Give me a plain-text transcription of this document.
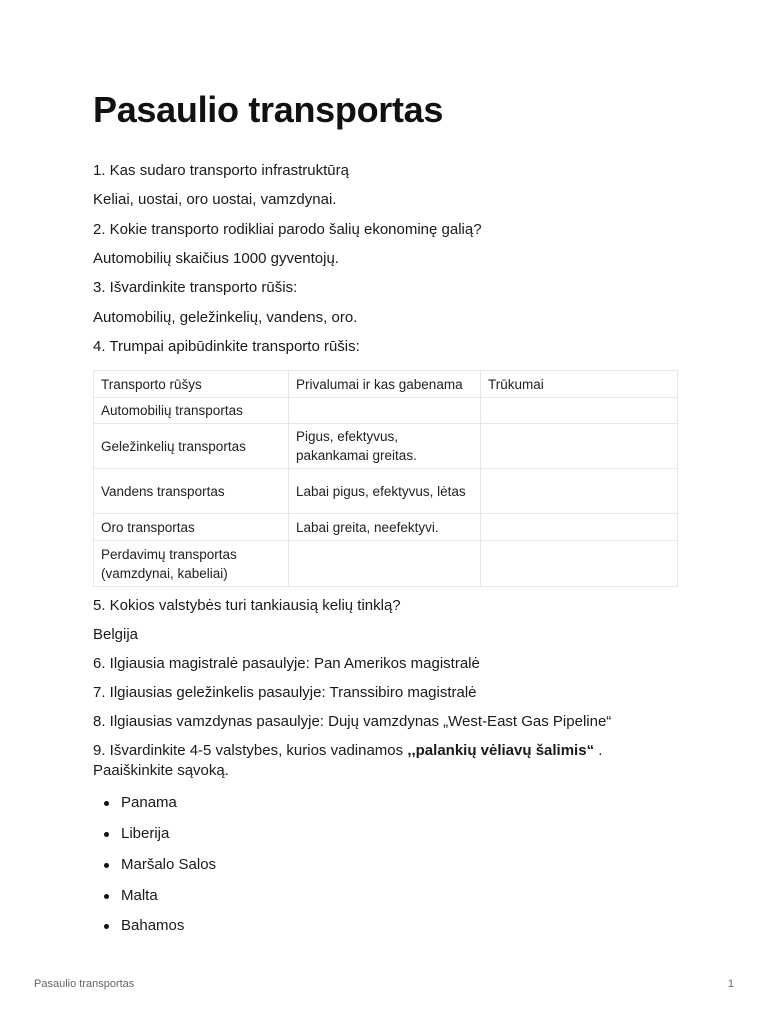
Pasaulio transportas

1. Kas sudaro transporto infrastruktūrą

Keliai, uostai, oro uostai, vamzdynai.

2. Kokie transporto rodikliai parodo šalių ekonominę galią?

Automobilių skaičius 1000 gyventojų.

3. Išvardinkite transporto rūšis:

Automobilių, geležinkelių, vandens, oro.

4. Trumpai apibūdinkite transporto rūšis:

Transporto rūšys	Privalumai ir kas gabenama	Trūkumai
Automobilių transportas		
Geležinkelių transportas	Pigus, efektyvus, pakankamai greitas.	
Vandens transportas	Labai pigus, efektyvus, lėtas	
Oro transportas	Labai greita, neefektyvi.	
Perdavimų transportas (vamzdynai, kabeliai)		

5. Kokios valstybės turi tankiausią kelių tinklą?

Belgija

6. Ilgiausia magistralė pasaulyje: Pan Amerikos magistralė

7. Ilgiausias geležinkelis pasaulyje: Transsibiro magistralė

8. Ilgiausias vamzdynas pasaulyje: Dujų vamzdynas „West-East Gas Pipeline“

9. Išvardinkite 4-5 valstybes, kurios vadinamos ,,palankių vėliavų šalimis“ . Paaiškinkite sąvoką.

Panama
Liberija
Maršalo Salos
Malta
Bahamos
Pasaulio transportas	1
